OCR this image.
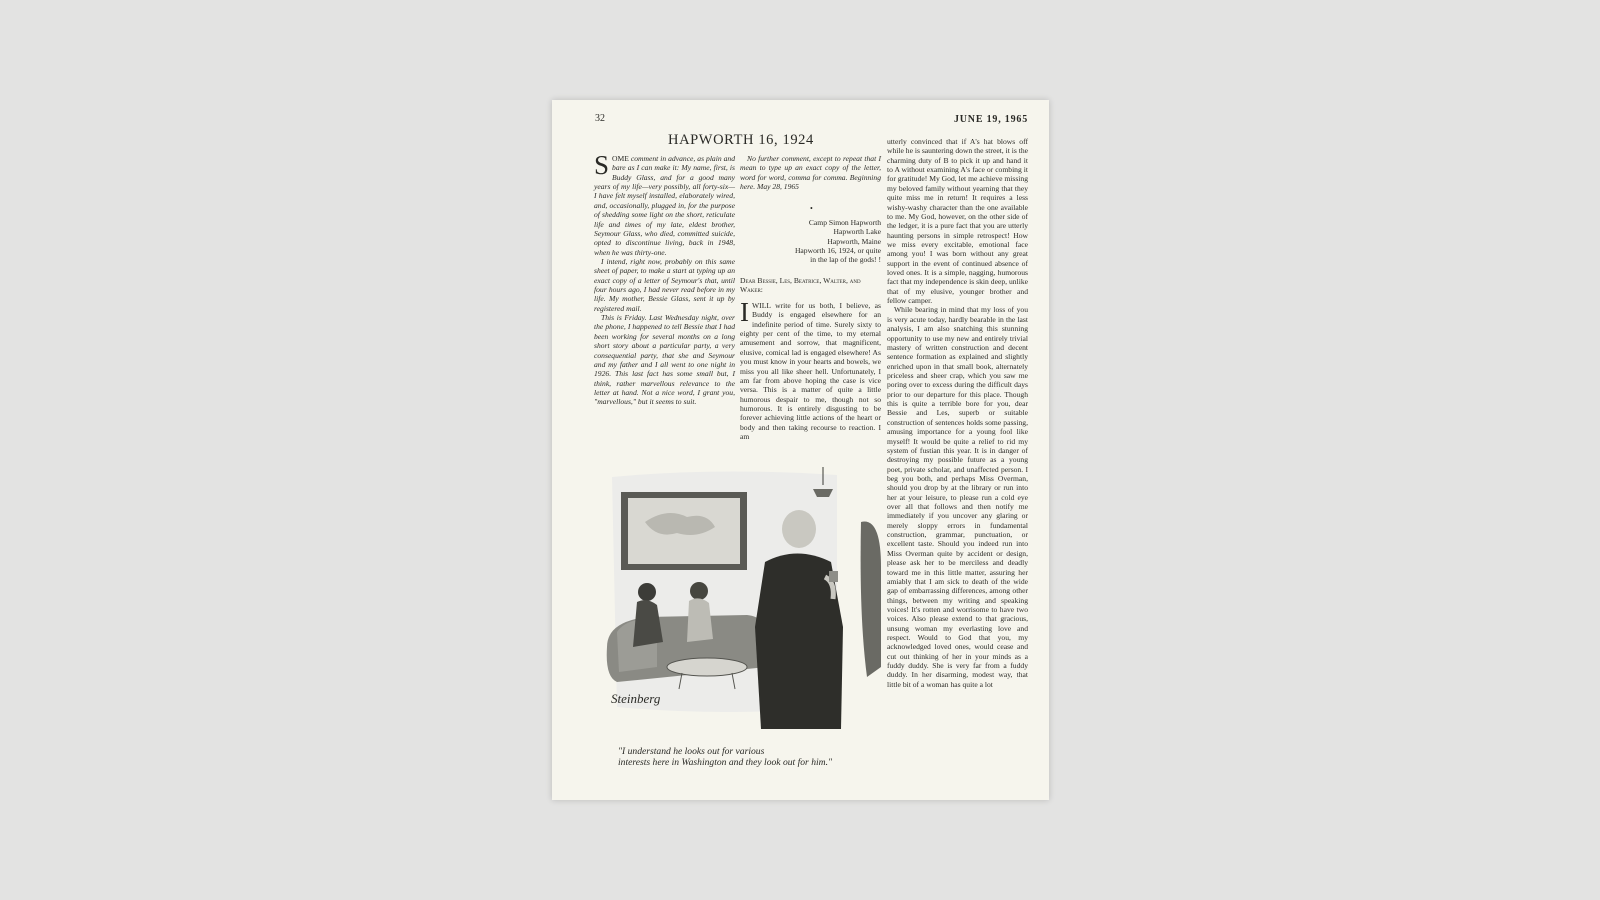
32	JUNE 19, 1965
HAPWORTH 16, 1924

SOME comment in advance, as plain and bare as I can make it: My name, first, is Buddy Glass, and for a good many years of my life—very possibly, all forty-six—I have felt myself installed, elaborately wired, and, occasionally, plugged in, for the purpose of shedding some light on the short, reticulate life and times of my late, eldest brother, Seymour Glass, who died, committed suicide, opted to discontinue living, back in 1948, when he was thirty-one.

I intend, right now, probably on this same sheet of paper, to make a start at typing up an exact copy of a letter of Seymour's that, until four hours ago, I had never read before in my life. My mother, Bessie Glass, sent it up by registered mail.

This is Friday. Last Wednesday night, over the phone, I happened to tell Bessie that I had been working for several months on a long short story about a particular party, a very consequential party, that she and Seymour and my father and I all went to one night in 1926. This last fact has some small but, I think, rather marvellous relevance to the letter at hand. Not a nice word, I grant you, "marvellous," but it seems to suit.

No further comment, except to repeat that I mean to type up an exact copy of the letter, word for word, comma for comma. Beginning here. May 28, 1965

•
Camp Simon Hapworth
Hapworth Lake
Hapworth, Maine
Hapworth 16, 1924, or quite
in the lap of the gods! !
Dear Bessie, Les, Beatrice, Walter, and Waker:

I WILL write for us both, I believe, as Buddy is engaged elsewhere for an indefinite period of time. Surely sixty to eighty per cent of the time, to my eternal amusement and sorrow, that magnificent, elusive, comical lad is engaged elsewhere! As you must know in your hearts and bowels, we miss you all like sheer hell. Unfortunately, I am far from above hoping the case is vice versa. This is a matter of quite a little humorous despair to me, though not so humorous. It is entirely disgusting to be forever achieving little actions of the heart or body and then taking recourse to reaction. I am

utterly convinced that if A's hat blows off while he is sauntering down the street, it is the charming duty of B to pick it up and hand it to A without examining A's face or combing it for gratitude! My God, let me achieve missing my beloved family without yearning that they quite miss me in return! It requires a less wishy-washy character than the one available to me. My God, however, on the other side of the ledger, it is a pure fact that you are utterly haunting persons in simple retrospect! How we miss every excitable, emotional face among you! I was born without any great support in the event of continued absence of loved ones. It is a simple, nagging, humorous fact that my independence is skin deep, unlike that of my elusive, younger brother and fellow camper.

While bearing in mind that my loss of you is very acute today, hardly bearable in the last analysis, I am also snatching this stunning opportunity to use my new and entirely trivial mastery of written construction and decent sentence formation as explained and slightly enriched upon in that small book, alternately priceless and sheer crap, which you saw me poring over to excess during the difficult days prior to our departure for this place. Though this is quite a terrible bore for you, dear Bessie and Les, superb or suitable construction of sentences holds some passing, amusing importance for a young fool like myself! It would be quite a relief to rid my system of fustian this year. It is in danger of destroying my possible future as a young poet, private scholar, and unaffected person. I beg you both, and perhaps Miss Overman, should you drop by at the library or run into her at your leisure, to please run a cold eye over all that follows and then notify me immediately if you uncover any glaring or merely sloppy errors in fundamental construction, grammar, punctuation, or excellent taste. Should you indeed run into Miss Overman quite by accident or design, please ask her to be merciless and deadly toward me in this little matter, assuring her amiably that I am sick to death of the wide gap of embarrassing differences, among other things, between my writing and speaking voices! It's rotten and worrisome to have two voices. Also please extend to that gracious, unsung woman my everlasting love and respect. Would to God that you, my acknowledged loved ones, would cease and cut out thinking of her in your minds as a fuddy duddy. She is very far from a fuddy duddy. In her disarming, modest way, that little bit of a woman has quite a lot

Steinberg
"I understand he looks out for various
interests here in Washington and they look out for him."
